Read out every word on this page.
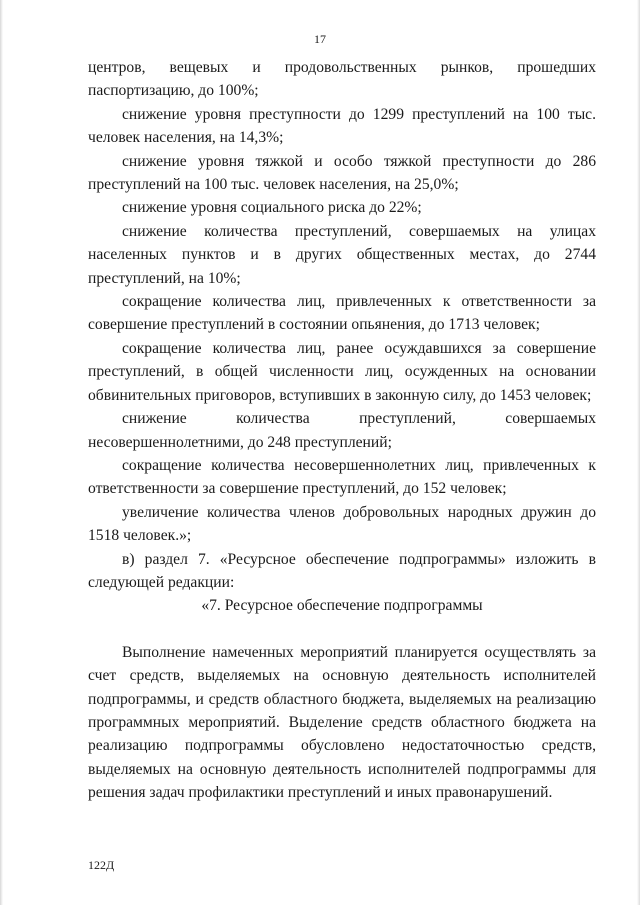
17

центров, вещевых и продовольственных рынков, прошедших паспортизацию, до 100%;

снижение уровня преступности до 1299 преступлений на 100 тыс. человек населения, на 14,3%;

снижение уровня тяжкой и особо тяжкой преступности до 286 преступлений на 100 тыс. человек населения, на 25,0%;

снижение уровня социального риска до 22%;

снижение количества преступлений, совершаемых на улицах населенных пунктов и в других общественных местах, до 2744 преступлений, на 10%;

сокращение количества лиц, привлеченных к ответственности за совершение преступлений в состоянии опьянения, до 1713 человек;

сокращение количества лиц, ранее осуждавшихся за совершение преступлений, в общей численности лиц, осужденных на основании обвинительных приговоров, вступивших в законную силу, до 1453 человек;

снижение количества преступлений, совершаемых несовершеннолетними, до 248 преступлений;

сокращение количества несовершеннолетних лиц, привлеченных к ответственности за совершение преступлений, до 152 человек;

увеличение количества членов добровольных народных дружин до 1518 человек.»;

в) раздел 7. «Ресурсное обеспечение подпрограммы» изложить в следующей редакции:

«7. Ресурсное обеспечение подпрограммы

Выполнение намеченных мероприятий планируется осуществлять за счет средств, выделяемых на основную деятельность исполнителей подпрограммы, и средств областного бюджета, выделяемых на реализацию программных мероприятий. Выделение средств областного бюджета на реализацию подпрограммы обусловлено недостаточностью средств, выделяемых на основную деятельность исполнителей подпрограммы для решения задач профилактики преступлений и иных правонарушений.

122Д
